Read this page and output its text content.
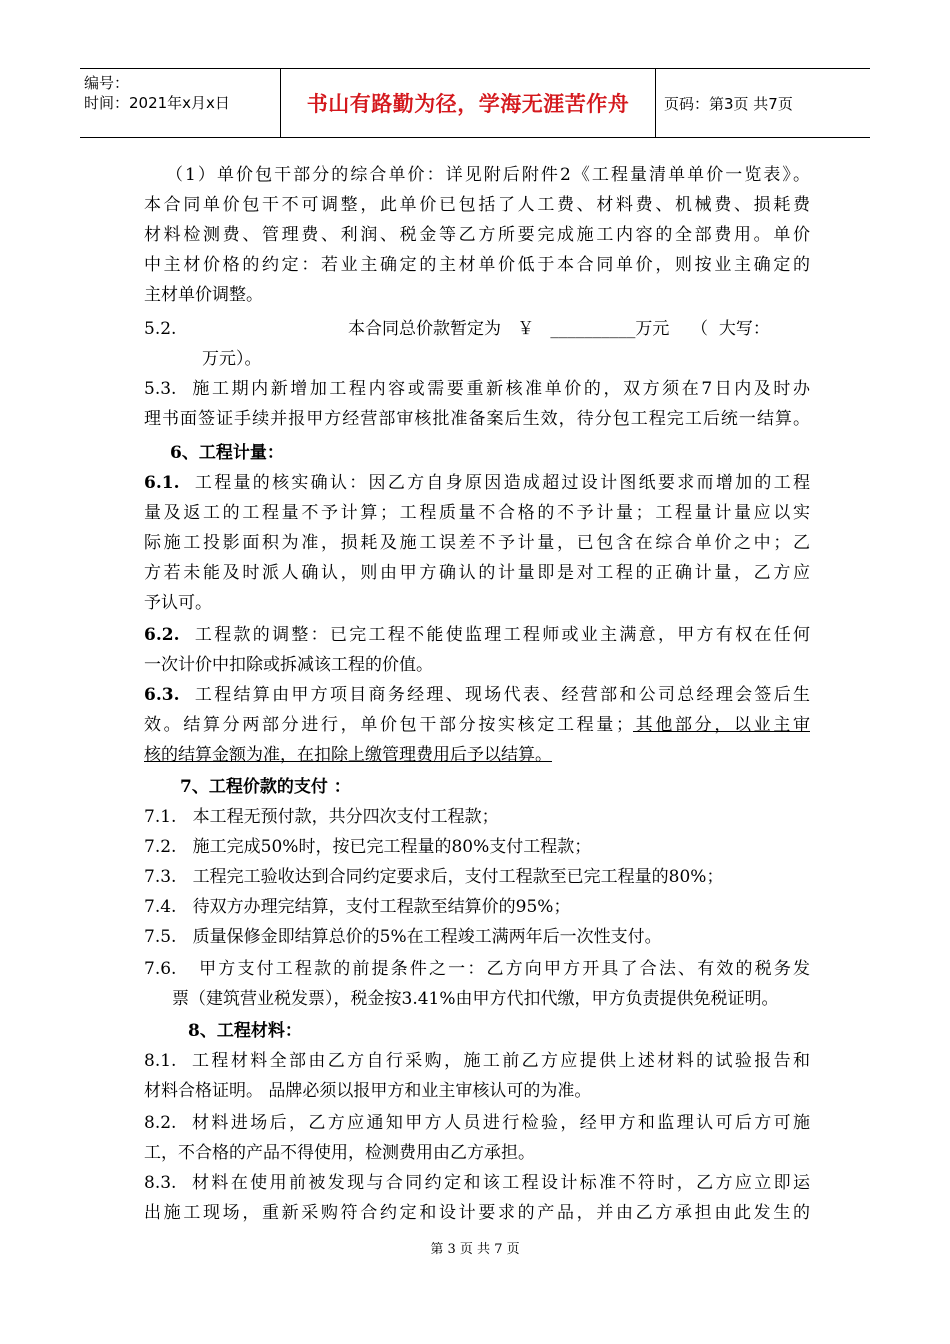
编号：
时间：2021年x月x日	书山有路勤为径，学海无涯苦作舟	页码：第3页 共7页
（1）单价包干部分的综合单价：详见附后附件2《工程量清单单价一览表》。
本合同单价包干不可调整，此单价已包括了人工费、材料费、机械费、损耗费
材料检测费、管理费、利润、税金等乙方所要完成施工内容的全部费用。单价
中主材价格的约定：若业主确定的主材单价低于本合同单价，则按业主确定的
主材单价调整。
5.2.	本合同总价款暂定为   ￥   __________万元    （  大写：
万元）。
5.3. 施工期内新增加工程内容或需要重新核准单价的，双方须在7日内及时办
理书面签证手续并报甲方经营部审核批准备案后生效，待分包工程完工后统一结算。
6、工程计量：
6.1. 工程量的核实确认：因乙方自身原因造成超过设计图纸要求而增加的工程
量及返工的工程量不予计算；工程质量不合格的不予计量；工程量计量应以实
际施工投影面积为准，损耗及施工误差不予计量，已包含在综合单价之中；乙
方若未能及时派人确认，则由甲方确认的计量即是对工程的正确计量，乙方应
予认可。
6.2. 工程款的调整：已完工程不能使监理工程师或业主满意，甲方有权在任何
一次计价中扣除或拆减该工程的价值。
6.3. 工程结算由甲方项目商务经理、现场代表、经营部和公司总经理会签后生
效。结算分两部分进行，单价包干部分按实核定工程量；其他部分，以业主审
核的结算金额为准，在扣除上缴管理费用后予以结算。
7、工程价款的支付 ：
7.1. 本工程无预付款，共分四次支付工程款；
7.2. 施工完成50%时，按已完工程量的80%支付工程款；
7.3. 工程完工验收达到合同约定要求后，支付工程款至已完工程量的80%；
7.4. 待双方办理完结算，支付工程款至结算价的95%；
7.5. 质量保修金即结算总价的5%在工程竣工满两年后一次性支付。
7.6. 甲方支付工程款的前提条件之一：乙方向甲方开具了合法、有效的税务发
票（建筑营业税发票），税金按3.41%由甲方代扣代缴，甲方负责提供免税证明。
8、工程材料：
8.1. 工程材料全部由乙方自行采购，施工前乙方应提供上述材料的试验报告和
材料合格证明。 品牌必须以报甲方和业主审核认可的为准。
8.2. 材料进场后，乙方应通知甲方人员进行检验，经甲方和监理认可后方可施
工，不合格的产品不得使用，检测费用由乙方承担。
8.3. 材料在使用前被发现与合同约定和该工程设计标准不符时，乙方应立即运
出施工现场，重新采购符合约定和设计要求的产品，并由乙方承担由此发生的
第 3 页 共 7 页
